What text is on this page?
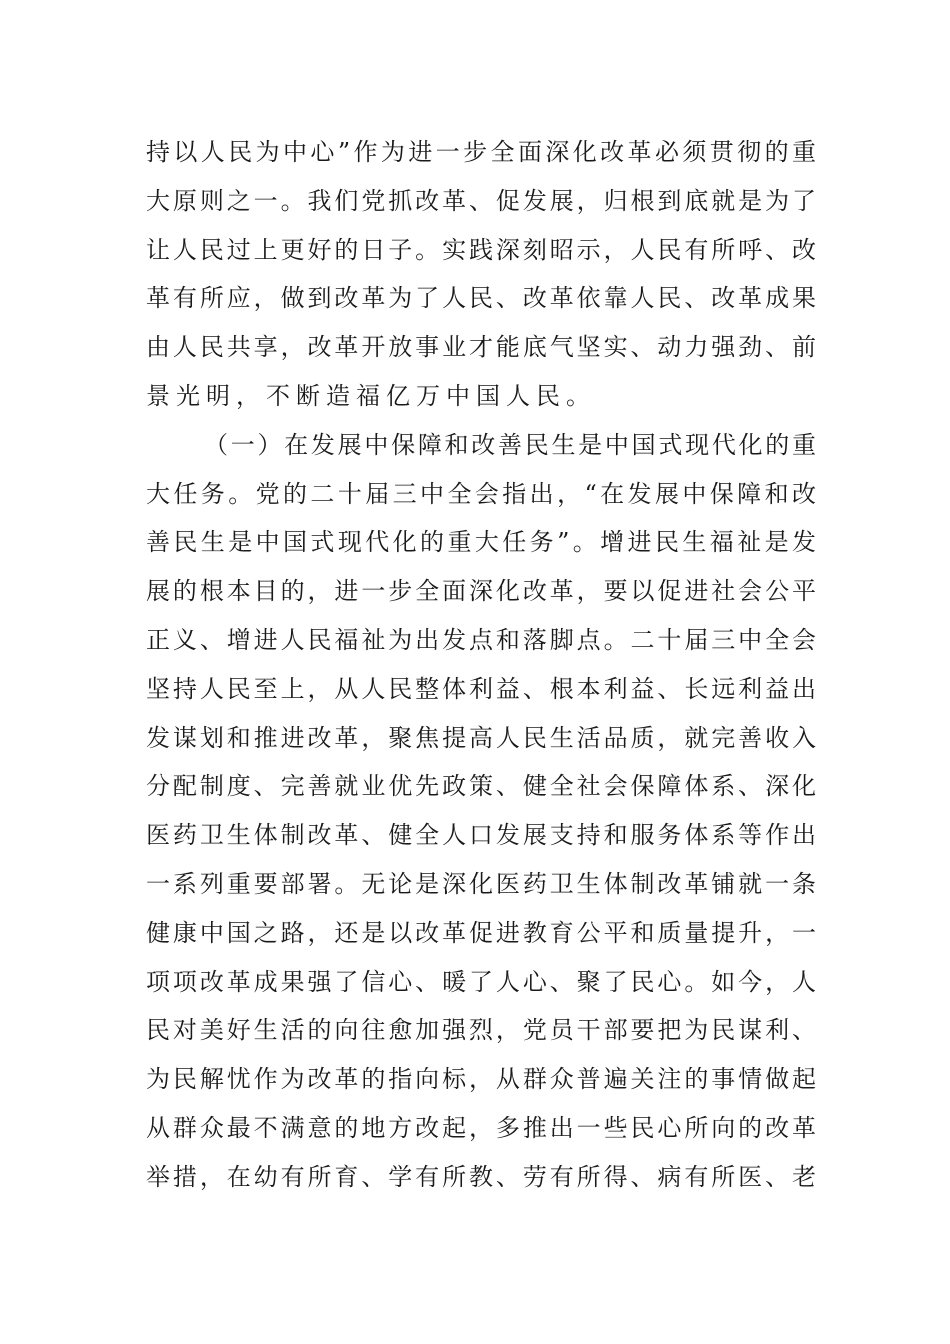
持以人民为中心”作为进一步全面深化改革必须贯彻的重
大原则之一。我们党抓改革、促发展，归根到底就是为了
让人民过上更好的日子。实践深刻昭示，人民有所呼、改
革有所应，做到改革为了人民、改革依靠人民、改革成果
由人民共享，改革开放事业才能底气坚实、动力强劲、前
景光明，不断造福亿万中国人民。
（一）在发展中保障和改善民生是中国式现代化的重
大任务。党的二十届三中全会指出，“在发展中保障和改
善民生是中国式现代化的重大任务”。增进民生福祉是发
展的根本目的，进一步全面深化改革，要以促进社会公平
正义、增进人民福祉为出发点和落脚点。二十届三中全会
坚持人民至上，从人民整体利益、根本利益、长远利益出
发谋划和推进改革，聚焦提高人民生活品质，就完善收入
分配制度、完善就业优先政策、健全社会保障体系、深化
医药卫生体制改革、健全人口发展支持和服务体系等作出
一系列重要部署。无论是深化医药卫生体制改革铺就一条
健康中国之路，还是以改革促进教育公平和质量提升，一
项项改革成果强了信心、暖了人心、聚了民心。如今，人
民对美好生活的向往愈加强烈，党员干部要把为民谋利、
为民解忧作为改革的指向标，从群众普遍关注的事情做起
从群众最不满意的地方改起，多推出一些民心所向的改革
举措，在幼有所育、学有所教、劳有所得、病有所医、老
